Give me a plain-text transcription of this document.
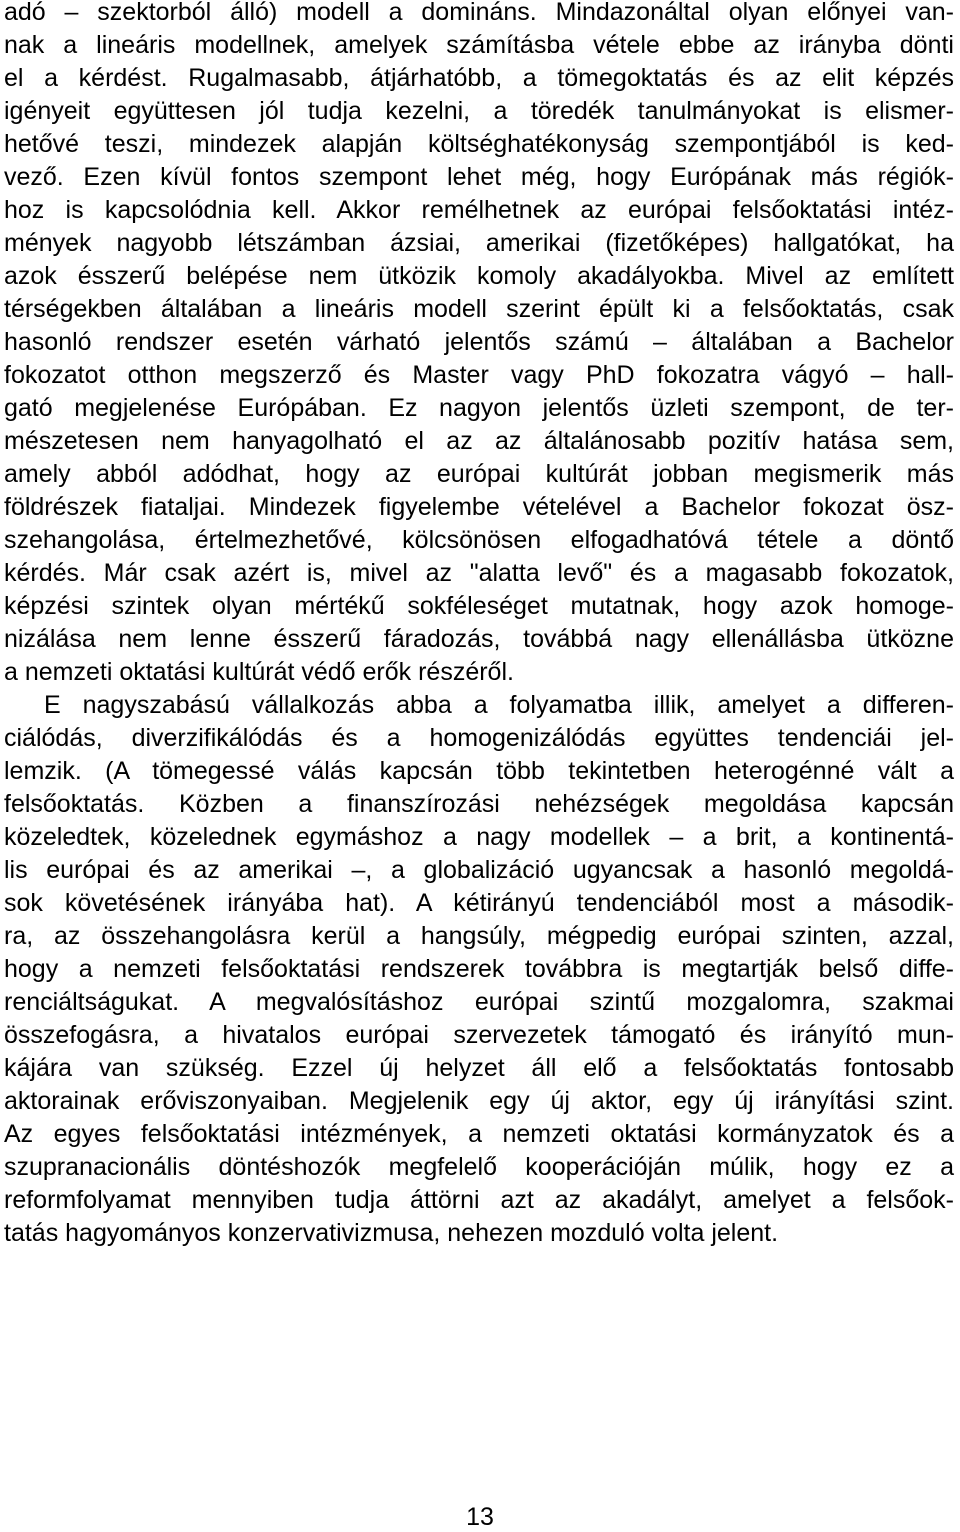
adó – szektorból álló) modell a domináns. Mindazonáltal olyan előnyei van-
nak a lineáris modellnek, amelyek számításba vétele ebbe az irányba dönti
el a kérdést. Rugalmasabb, átjárhatóbb, a tömegoktatás és az elit képzés
igényeit együttesen jól tudja kezelni, a töredék tanulmányokat is elismer-
hetővé teszi, mindezek alapján költséghatékonyság szempontjából is ked-
vező. Ezen kívül fontos szempont lehet még, hogy Európának más régiók-
hoz is kapcsolódnia kell. Akkor remélhetnek az európai felsőoktatási intéz-
mények nagyobb létszámban ázsiai, amerikai (fizetőképes) hallgatókat, ha
azok ésszerű belépése nem ütközik komoly akadályokba. Mivel az említett
térségekben általában a lineáris modell szerint épült ki a felsőoktatás, csak
hasonló rendszer esetén várható jelentős számú – általában a Bachelor
fokozatot otthon megszerző és Master vagy PhD fokozatra vágyó – hall-
gató megjelenése Európában. Ez nagyon jelentős üzleti szempont, de ter-
mészetesen nem hanyagolható el az az általánosabb pozitív hatása sem,
amely abból adódhat, hogy az európai kultúrát jobban megismerik más
földrészek fiataljai. Mindezek figyelembe vételével a Bachelor fokozat ösz-
szehangolása, értelmezhetővé, kölcsönösen elfogadhatóvá tétele a döntő
kérdés. Már csak azért is, mivel az "alatta levő" és a magasabb fokozatok,
képzési szintek olyan mértékű sokféleséget mutatnak, hogy azok homoge-
nizálása nem lenne ésszerű fáradozás, továbbá nagy ellenállásba ütközne
a nemzeti oktatási kultúrát védő erők részéről.
E nagyszabású vállalkozás abba a folyamatba illik, amelyet a differen-
ciálódás, diverzifikálódás és a homogenizálódás együttes tendenciái jel-
lemzik. (A tömegessé válás kapcsán több tekintetben heterogénné vált a
felsőoktatás. Közben a finanszírozási nehézségek megoldása kapcsán
közeledtek, közelednek egymáshoz a nagy modellek – a brit, a kontinentá-
lis európai és az amerikai –, a globalizáció ugyancsak a hasonló megoldá-
sok követésének irányába hat). A kétirányú tendenciából most a második-
ra, az összehangolásra kerül a hangsúly, mégpedig európai szinten, azzal,
hogy a nemzeti felsőoktatási rendszerek továbbra is megtartják belső diffe-
renciáltságukat. A megvalósításhoz európai szintű mozgalomra, szakmai
összefogásra, a hivatalos európai szervezetek támogató és irányító mun-
kájára van szükség. Ezzel új helyzet áll elő a felsőoktatás fontosabb
aktorainak erőviszonyaiban. Megjelenik egy új aktor, egy új irányítási szint.
Az egyes felsőoktatási intézmények, a nemzeti oktatási kormányzatok és a
szupranacionális döntéshozók megfelelő kooperációján múlik, hogy ez a
reformfolyamat mennyiben tudja áttörni azt az akadályt, amelyet a felsőok-
tatás hagyományos konzervativizmusa, nehezen mozduló volta jelent.
13
